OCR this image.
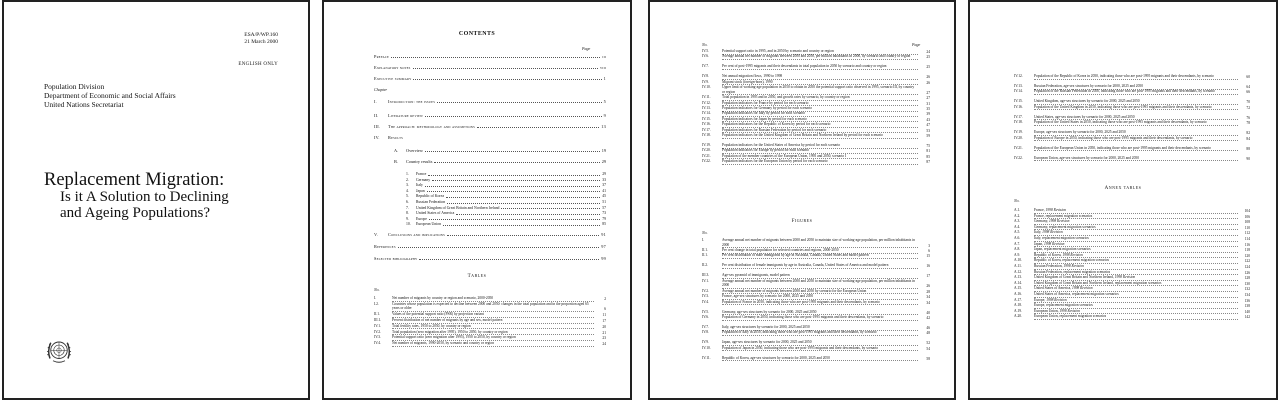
ESA/P/WP.160
21 March 2000
ENGLISH ONLY
Population Division
Department of Economic and Social Affairs
United Nations Secretariat
Replacement Migration:
Is it A Solution to Declining
and Ageing Populations?
CONTENTS
Page
Preface	iii
Explanatory notes	viii
Executive summary	1
Chapter
I.	Introduction: the issues	5
II.	Literature review	9
III.	The approach: methodology and assumptions	13
IV.	Results
A.	Overview	19
B.	Country results	29
1.	France	29
2.	Germany	33
3.	Italy	37
4.	Japan	41
5.	Republic of Korea	45
6.	Russian Federation	51
7.	United Kingdom of Great Britain and Northern Ireland	57
8.	United States of America	73
9.	Europe	79
10.	European Union	85
V.	Conclusions and implications	91
References	97
Selected bibliography	99
Tables
No.
I.	Net number of migrants by country or region and scenario, 2000-2050	2
I.2.	Countries whose population is expected to decline between 2000 and 2050: changes in the total population and in the proportion aged 65 years or older	6
II.1.	Values of the potential support ratio (PSR) by projection variant	11
III.1.	Percent distribution of net number of migrants by age and sex, model pattern	17
IV.1.	Total fertility rates, 1950 to 2050, by country or region	20
IV.2.	Total population (zero migration after 1995), 1950 to 2050, by country or region	21
IV.3.	Potential support ratio (zero migration after 1995), 1950 to 2050, by country or region	23
IV.4.	Net number of migrants, 1990-2050, by scenario and country or region	24
No.	Page
IV.5.	Potential support ratio in 1995, and in 2050 by scenario and country or region	24
IV.6.	Average annual net number of migrants between 2000 and 2050, per million inhabitants in 2000, by scenario and country or region	25
IV.7.	Per cent of post-1995 migrants and their descendants in total population in 2050 by scenario and country or region	25
IV.8.	Net annual migration flows, 1990 to 1998	26
IV.9.	Migrant stock (foreign-born), 1990	26
IV.10.	Upper limit of working-age population in 2050 to obtain in 2050 the potential support ratio observed in 1995, scenario III, by country or region	27
IV.11.	Total population in 1995 and in 2050, and growth rates by scenario, by country or region	27
IV.12.	Population indicators for France by period for each scenario	31
IV.13.	Population indicators for Germany by period for each scenario	35
IV.14.	Population indicators for Italy by period for each scenario	39
IV.15.	Population indicators for Japan by period for each scenario	43
IV.16.	Population indicators for the Republic of Korea by period for each scenario	47
IV.17.	Population indicators for Russian Federation by period for each scenario	53
IV.18.	Population indicators for the United Kingdom of Great Britain and Northern Ireland by period for each scenario	59
IV.19.	Population indicators for the United States of America by period for each scenario	75
IV.20.	Population indicators for Europe by period for each scenario	81
IV.21.	Population of the member countries of the European Union, 1995 and 2050, scenario I	85
IV.22.	Population indicators for the European Union by period for each scenario	87
Figures
No.
I.	Average annual net number of migrants between 2000 and 2050 to maintain size of working-age population, per million inhabitants in 2000	3
II.1.	Per cent change in total population for selected countries and regions, 2000-2050	6
II.1.	Per cent distribution of male immigrants by age in Australia, Canada, United States and model pattern	15
II.2.	Per cent distribution of female immigrants by age in Australia, Canada, United States of America and model pattern	16
III.3.	Age-sex pyramid of immigrants, model pattern	17
IV.1.	Average annual net number of migrants between 2000 and 2050 to maintain size of working-age population, per million inhabitants in 2000	26
IV.2.	Average annual net number of migrants between 2000 and 2050 by scenario for the European Union	28
IV.3.	France, age-sex structures by scenario for 2000, 2025 and 2050	34
IV.4.	Population of France in 2050, indicating those who are post-1995 migrants and their descendants, by scenario	34
IV.5.	Germany, age-sex structures by scenario for 2000, 2025 and 2050	40
IV.6.	Population of Germany in 2050, indicating those who are post-1995 migrants and their descendants, by scenario	42
IV.7.	Italy, age-sex structures by scenario for 2000, 2025 and 2050	46
IV.8.	Population of Italy in 2050, indicating those who are post-1995 migrants and their descendants, by scenario	48
IV.9.	Japan, age-sex structures by scenario for 2000, 2025 and 2050	52
IV.10.	Population of Japan in 2050, indicating those who are post-1995 migrants and their descendants, by scenario	54
IV.11.	Republic of Korea, age-sex structures by scenario for 2000, 2025 and 2050	58
IV.12.	Population of the Republic of Korea in 2050, indicating those who are post-1995 migrants and their descendants, by scenario	60
IV.13.	Russian Federation, age-sex structures by scenario for 2000, 2025 and 2050	64
IV.14.	Population of the Russian Federation in 2050, indicating those who are post-1995 migrants and their descendants, by scenario	66
IV.15.	United Kingdom, age-sex structures by scenario for 2000, 2025 and 2050	70
IV.16.	Population of the United Kingdom in 2050, indicating those who are post-1995 migrants and their descendants, by scenario	72
IV.17.	United States, age-sex structures by scenario for 2000, 2025 and 2050	76
IV.18.	Population of the United States in 2050, indicating those who are post-1995 migrants and their descendants, by scenario	78
IV.19.	Europe, age-sex structures by scenario for 2000, 2025 and 2050	82
IV.20.	Population of Europe in 2050, indicating those who are post-1995 migrants and their descendants, by scenario	84
IV.21.	Population of the European Union in 2050, indicating those who are post-1995 migrants and their descendants, by scenario	88
IV.22.	European Union, age-sex structures by scenario for 2000, 2025 and 2050	90
Annex tables
No.
A.1.	France, 1998 Revision	104
A.2.	France, replacement migration scenarios	106
A.3.	Germany, 1998 Revision	108
A.4.	Germany, replacement migration scenarios	110
A.5.	Italy, 1998 Revision	112
A.6.	Italy, replacement migration scenarios	114
A.7.	Japan, 1998 Revision	116
A.8.	Japan, replacement migration scenarios	118
A.9.	Republic of Korea, 1998 Revision	120
A.10.	Republic of Korea, replacement migration scenarios	122
A.11.	Russian Federation, 1998 Revision	124
A.12.	Russian Federation, replacement migration scenarios	126
A.13.	United Kingdom of Great Britain and Northern Ireland, 1998 Revision	128
A.14.	United Kingdom of Great Britain and Northern Ireland, replacement migration scenarios	130
A.15.	United States of America, 1998 Revision	132
A.16.	United States of America, replacement migration scenarios	134
A.17.	Europe, 1998 Revision	136
A.18.	Europe, replacement migration scenarios	138
A.19.	European Union, 1998 Revision	140
A.20.	European Union, replacement migration scenarios	142
